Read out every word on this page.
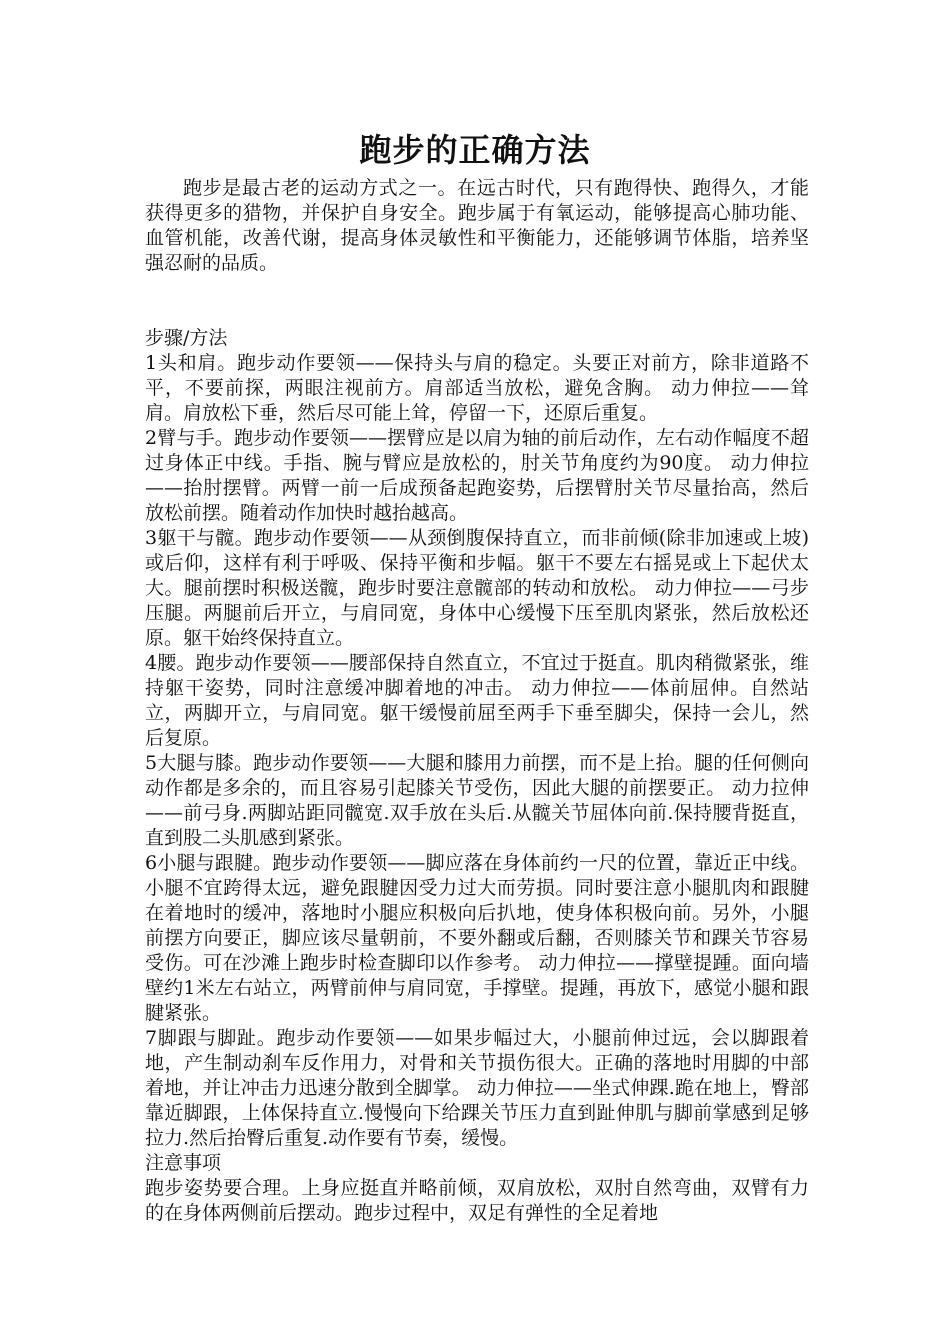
跑步的正确方法

跑步是最古老的运动方式之一。在远古时代，只有跑得快、跑得久，才能获得更多的猎物，并保护自身安全。跑步属于有氧运动，能够提高心肺功能、血管机能，改善代谢，提高身体灵敏性和平衡能力，还能够调节体脂，培养坚强忍耐的品质。

步骤/方法

1头和肩。跑步动作要领——保持头与肩的稳定。头要正对前方，除非道路不平，不要前探，两眼注视前方。肩部适当放松，避免含胸。 动力伸拉——耸肩。肩放松下垂，然后尽可能上耸，停留一下，还原后重复。

2臂与手。跑步动作要领——摆臂应是以肩为轴的前后动作，左右动作幅度不超过身体正中线。手指、腕与臂应是放松的，肘关节角度约为90度。 动力伸拉——抬肘摆臂。两臂一前一后成预备起跑姿势，后摆臂肘关节尽量抬高，然后放松前摆。随着动作加快时越抬越高。

3躯干与髋。跑步动作要领——从颈倒腹保持直立，而非前倾(除非加速或上坡)或后仰，这样有利于呼吸、保持平衡和步幅。躯干不要左右摇晃或上下起伏太大。腿前摆时积极送髋，跑步时要注意髋部的转动和放松。 动力伸拉——弓步压腿。两腿前后开立，与肩同宽，身体中心缓慢下压至肌肉紧张，然后放松还原。躯干始终保持直立。

4腰。跑步动作要领——腰部保持自然直立，不宜过于挺直。肌肉稍微紧张，维持躯干姿势，同时注意缓冲脚着地的冲击。 动力伸拉——体前屈伸。自然站立，两脚开立，与肩同宽。躯干缓慢前屈至两手下垂至脚尖，保持一会儿，然后复原。

5大腿与膝。跑步动作要领——大腿和膝用力前摆，而不是上抬。腿的任何侧向动作都是多余的，而且容易引起膝关节受伤，因此大腿的前摆要正。 动力拉伸——前弓身.两脚站距同髋宽.双手放在头后.从髋关节屈体向前.保持腰背挺直，直到股二头肌感到紧张。

6小腿与跟腱。跑步动作要领——脚应落在身体前约一尺的位置，靠近正中线。小腿不宜跨得太远，避免跟腱因受力过大而劳损。同时要注意小腿肌肉和跟腱在着地时的缓冲，落地时小腿应积极向后扒地，使身体积极向前。另外，小腿前摆方向要正，脚应该尽量朝前，不要外翻或后翻，否则膝关节和踝关节容易受伤。可在沙滩上跑步时检查脚印以作参考。 动力伸拉——撑壁提踵。面向墙壁约1米左右站立，两臂前伸与肩同宽，手撑壁。提踵，再放下，感觉小腿和跟腱紧张。

7脚跟与脚趾。跑步动作要领——如果步幅过大，小腿前伸过远，会以脚跟着地，产生制动刹车反作用力，对骨和关节损伤很大。正确的落地时用脚的中部着地，并让冲击力迅速分散到全脚掌。 动力伸拉——坐式伸踝.跪在地上，臀部靠近脚跟，上体保持直立.慢慢向下给踝关节压力直到趾伸肌与脚前掌感到足够拉力.然后抬臀后重复.动作要有节奏，缓慢。

注意事项

跑步姿势要合理。上身应挺直并略前倾，双肩放松，双肘自然弯曲，双臂有力的在身体两侧前后摆动。跑步过程中，双足有弹性的全足着地
